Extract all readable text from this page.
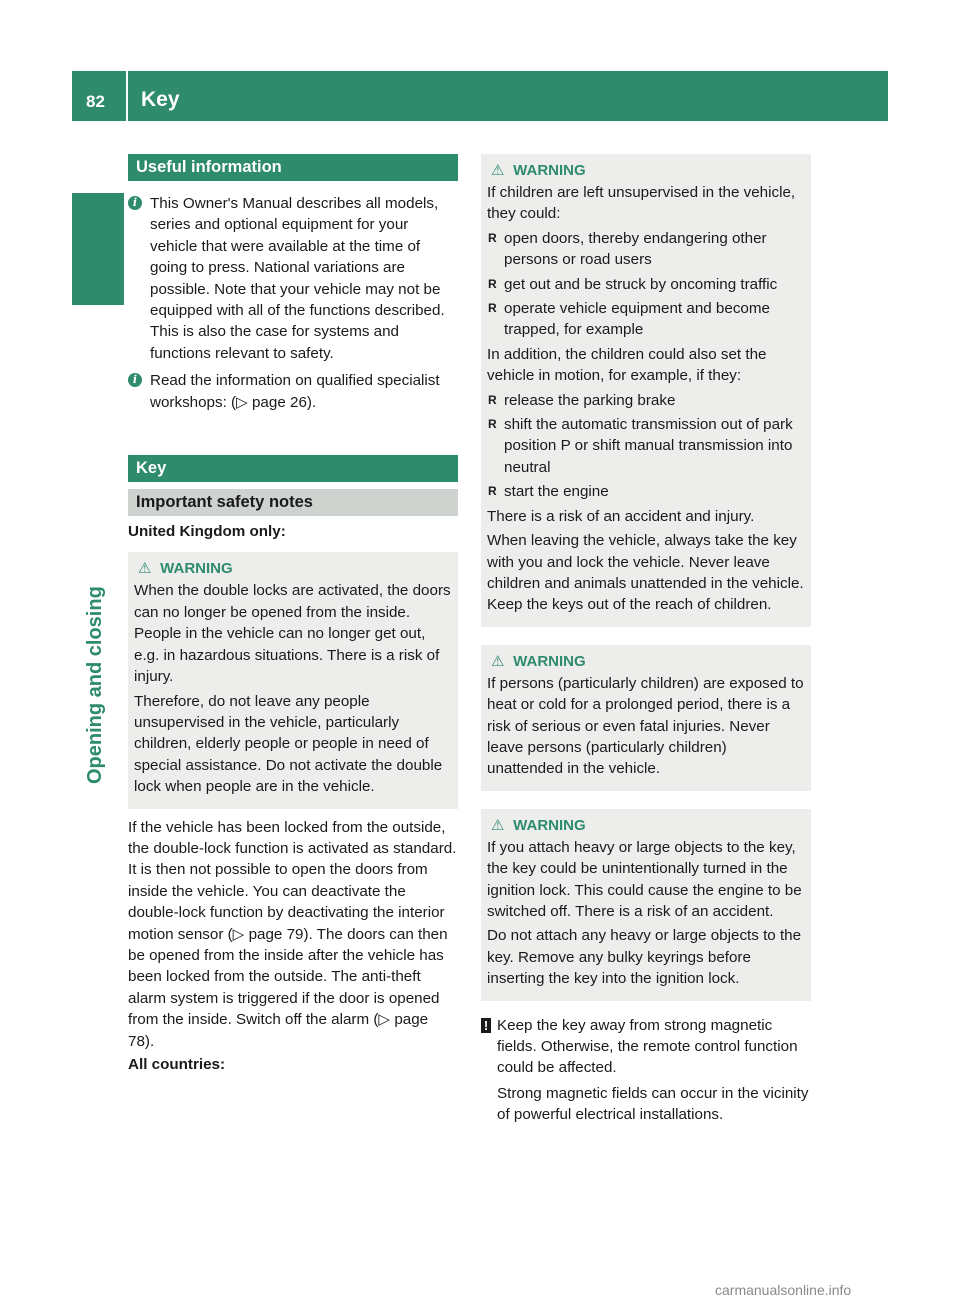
82 Key
Opening and closing
Useful information
i This Owner's Manual describes all models, series and optional equipment for your vehicle that were available at the time of going to press. National variations are possible. Note that your vehicle may not be equipped with all of the functions described. This is also the case for systems and functions relevant to safety.
i Read the information on qualified specialist workshops: (▷ page 26).
Key
Important safety notes
United Kingdom only:
⚠ WARNING
When the double locks are activated, the doors can no longer be opened from the inside. People in the vehicle can no longer get out, e.g. in hazardous situations. There is a risk of injury.
Therefore, do not leave any people unsupervised in the vehicle, particularly children, elderly people or people in need of special assistance. Do not activate the double lock when people are in the vehicle.
If the vehicle has been locked from the outside, the double-lock function is activated as standard. It is then not possible to open the doors from inside the vehicle. You can deactivate the double-lock function by deactivating the interior motion sensor (▷ page 79). The doors can then be opened from the inside after the vehicle has been locked from the outside. The anti-theft alarm system is triggered if the door is opened from the inside. Switch off the alarm (▷ page 78).
All countries:
⚠ WARNING
If children are left unsupervised in the vehicle, they could:
R open doors, thereby endangering other persons or road users
R get out and be struck by oncoming traffic
R operate vehicle equipment and become trapped, for example
In addition, the children could also set the vehicle in motion, for example, if they:
R release the parking brake
R shift the automatic transmission out of park position P or shift manual transmission into neutral
R start the engine
There is a risk of an accident and injury.
When leaving the vehicle, always take the key with you and lock the vehicle. Never leave children and animals unattended in the vehicle. Keep the keys out of the reach of children.
⚠ WARNING
If persons (particularly children) are exposed to heat or cold for a prolonged period, there is a risk of serious or even fatal injuries. Never leave persons (particularly children) unattended in the vehicle.
⚠ WARNING
If you attach heavy or large objects to the key, the key could be unintentionally turned in the ignition lock. This could cause the engine to be switched off. There is a risk of an accident.
Do not attach any heavy or large objects to the key. Remove any bulky keyrings before inserting the key into the ignition lock.
! Keep the key away from strong magnetic fields. Otherwise, the remote control function could be affected.
Strong magnetic fields can occur in the vicinity of powerful electrical installations.
carmanualsonline.info
